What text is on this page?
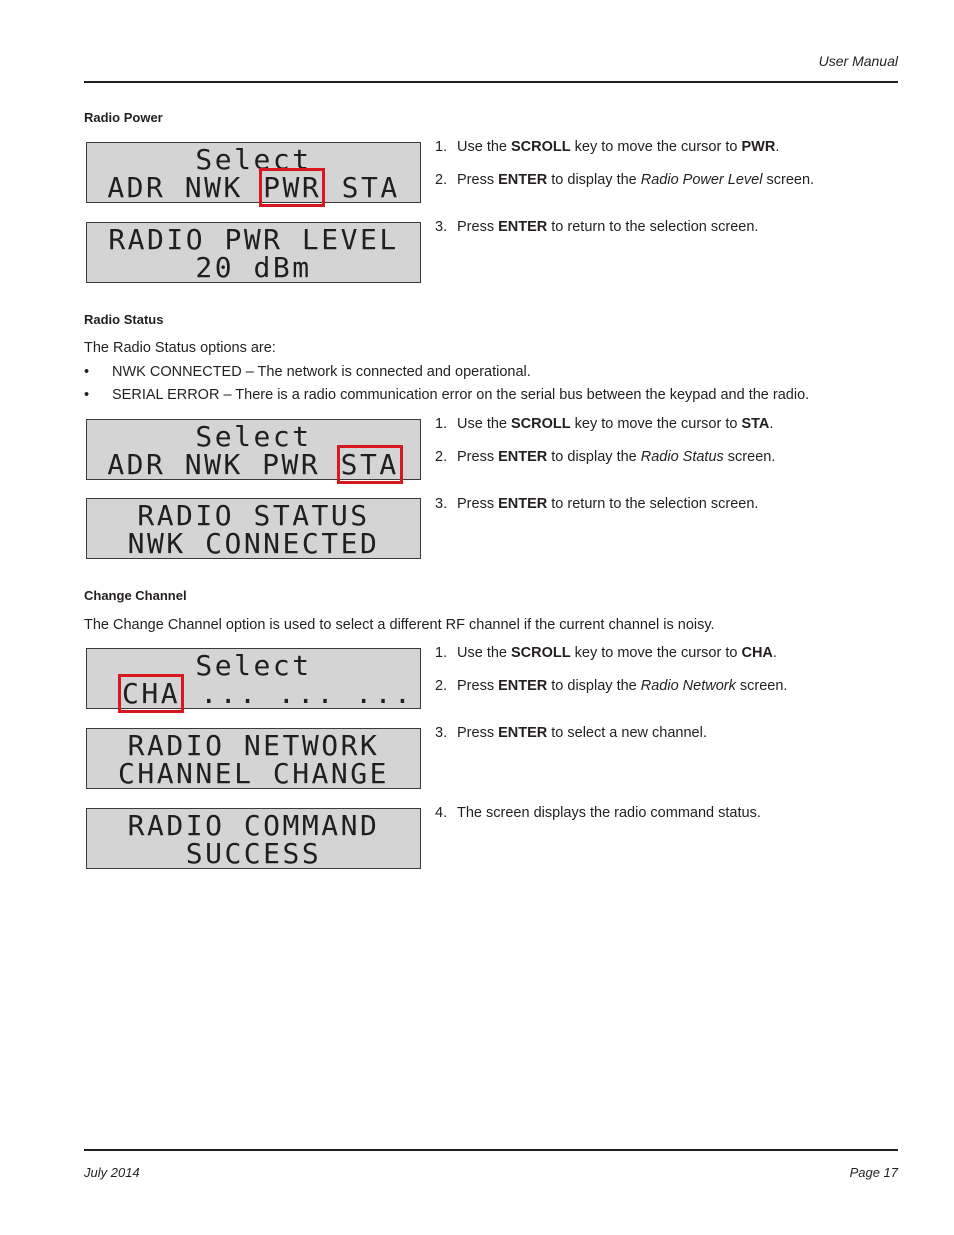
User Manual
Radio Power
Select
ADR NWK PWR STA
RADIO PWR LEVEL
20 dBm
1. Use the SCROLL key to move the cursor to PWR.
2. Press ENTER to display the Radio Power Level screen.
3. Press ENTER to return to the selection screen.
Radio Status
The Radio Status options are:
• NWK CONNECTED – The network is connected and operational.
• SERIAL ERROR – There is a radio communication error on the serial bus between the keypad and the radio.
Select
ADR NWK PWR STA
RADIO STATUS
NWK CONNECTED
1. Use the SCROLL key to move the cursor to STA.
2. Press ENTER to display the Radio Status screen.
3. Press ENTER to return to the selection screen.
Change Channel
The Change Channel option is used to select a different RF channel if the current channel is noisy.
Select
CHA ... ... ...
RADIO NETWORK
CHANNEL CHANGE
RADIO COMMAND
SUCCESS
1. Use the SCROLL key to move the cursor to CHA.
2. Press ENTER to display the Radio Network screen.
3. Press ENTER to select a new channel.
4. The screen displays the radio command status.
July 2014	Page 17
